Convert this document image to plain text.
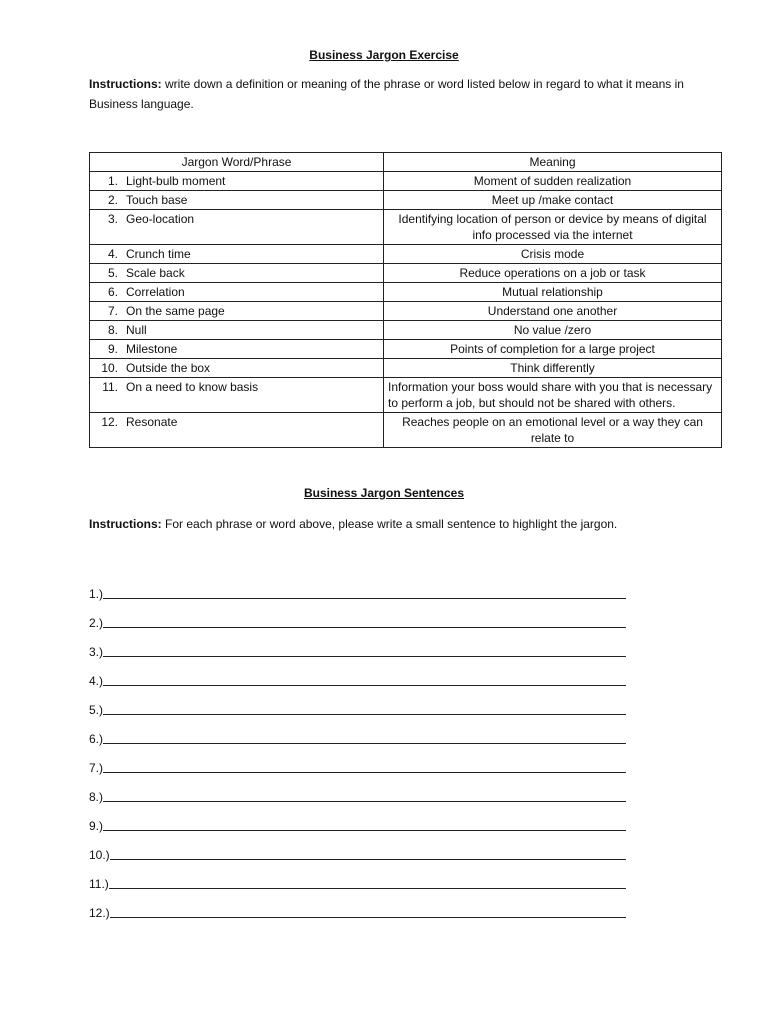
Business Jargon Exercise
Instructions: write down a definition or meaning of the phrase or word listed below in regard to what it means in Business language.
Jargon Word/Phrase	Meaning
1. Light-bulb moment	Moment of sudden realization
2. Touch base	Meet up /make contact
3. Geo-location	Identifying location of person or device by means of digital info processed via the internet
4. Crunch time	Crisis mode
5. Scale back	Reduce operations on a job or task
6. Correlation	Mutual relationship
7. On the same page	Understand one another
8. Null	No value /zero
9. Milestone	Points of completion for a large project
10. Outside the box	Think differently
11. On a need to know basis	Information your boss would share with you that is necessary to perform a job, but should not be shared with others.
12. Resonate	Reaches people on an emotional level or a way they can relate to
Business Jargon Sentences
Instructions: For each phrase or word above, please write a small sentence to highlight the jargon.
1.)
2.)
3.)
4.)
5.)
6.)
7.)
8.)
9.)
10.)
11.)
12.)
